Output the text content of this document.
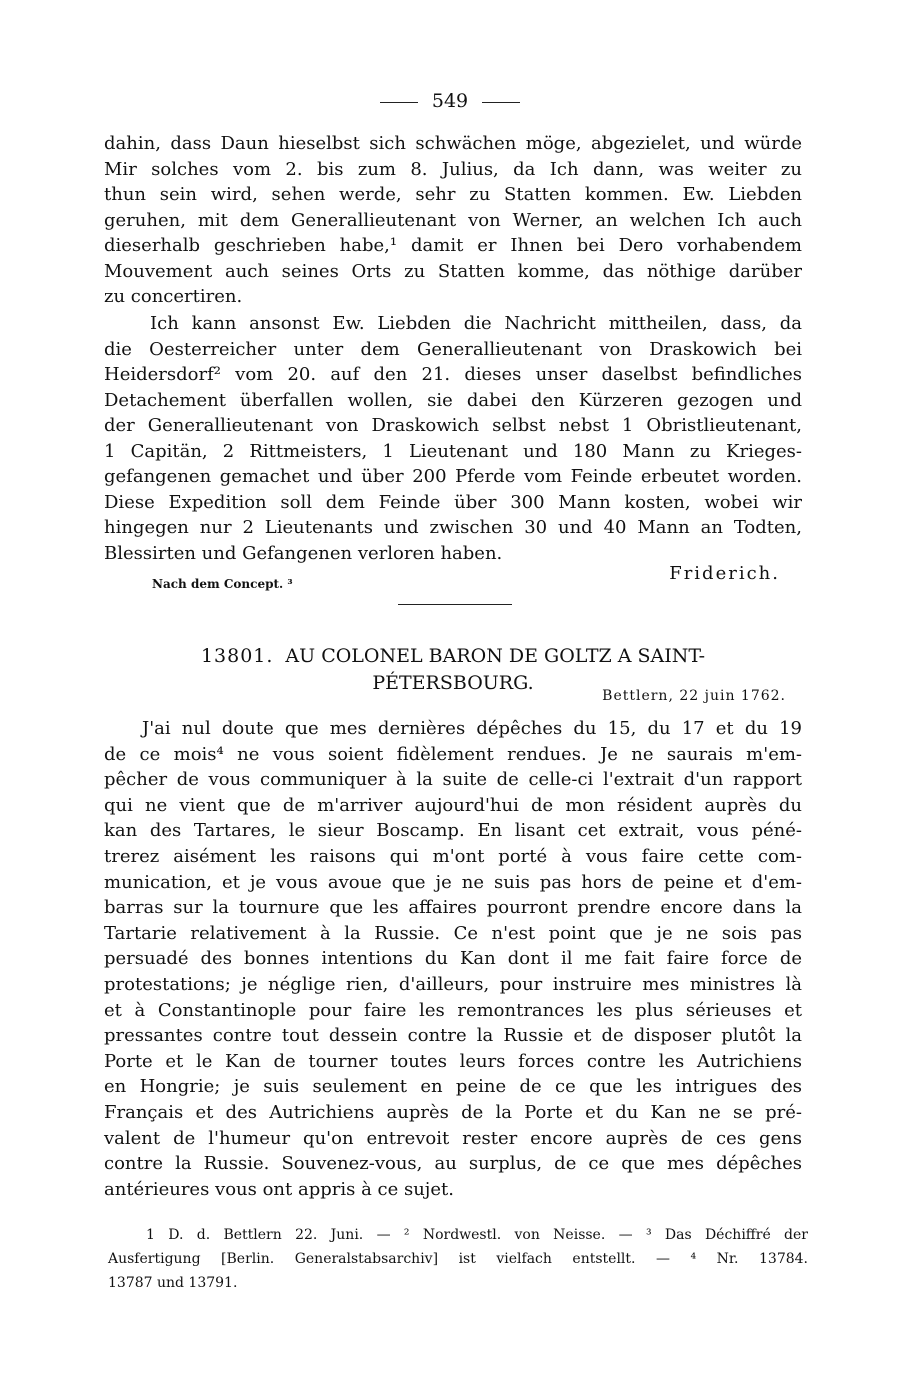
549
dahin, dass Daun hieselbst sich schwächen möge, abgezielet, und würde
Mir solches vom 2. bis zum 8. Julius, da Ich dann, was weiter zu
thun sein wird, sehen werde, sehr zu Statten kommen. Ew. Liebden
geruhen, mit dem Generallieutenant von Werner, an welchen Ich auch
dieserhalb geschrieben habe,¹ damit er Ihnen bei Dero vorhabendem
Mouvement auch seines Orts zu Statten komme, das nöthige darüber
zu concertiren.
Ich kann ansonst Ew. Liebden die Nachricht mittheilen, dass, da
die Oesterreicher unter dem Generallieutenant von Draskowich bei
Heidersdorf² vom 20. auf den 21. dieses unser daselbst befindliches
Detachement überfallen wollen, sie dabei den Kürzeren gezogen und
der Generallieutenant von Draskowich selbst nebst 1 Obristlieutenant,
1 Capitän, 2 Rittmeisters, 1 Lieutenant und 180 Mann zu Krieges-
gefangenen gemachet und über 200 Pferde vom Feinde erbeutet worden.
Diese Expedition soll dem Feinde über 300 Mann kosten, wobei wir
hingegen nur 2 Lieutenants und zwischen 30 und 40 Mann an Todten,
Blessirten und Gefangenen verloren haben.
Nach dem Concept. ³	Friderich.
13801. AU COLONEL BARON DE GOLTZ A SAINT-
PÉTERSBOURG.
Bettlern, 22 juin 1762.
J'ai nul doute que mes dernières dépêches du 15, du 17 et du 19
de ce mois⁴ ne vous soient fidèlement rendues. Je ne saurais m'em-
pêcher de vous communiquer à la suite de celle-ci l'extrait d'un rapport
qui ne vient que de m'arriver aujourd'hui de mon résident auprès du
kan des Tartares, le sieur Boscamp. En lisant cet extrait, vous péné-
trerez aisément les raisons qui m'ont porté à vous faire cette com-
munication, et je vous avoue que je ne suis pas hors de peine et d'em-
barras sur la tournure que les affaires pourront prendre encore dans la
Tartarie relativement à la Russie. Ce n'est point que je ne sois pas
persuadé des bonnes intentions du Kan dont il me fait faire force de
protestations; je néglige rien, d'ailleurs, pour instruire mes ministres là
et à Constantinople pour faire les remontrances les plus sérieuses et
pressantes contre tout dessein contre la Russie et de disposer plutôt la
Porte et le Kan de tourner toutes leurs forces contre les Autrichiens
en Hongrie; je suis seulement en peine de ce que les intrigues des
Français et des Autrichiens auprès de la Porte et du Kan ne se pré-
valent de l'humeur qu'on entrevoit rester encore auprès de ces gens
contre la Russie. Souvenez-vous, au surplus, de ce que mes dépêches
antérieures vous ont appris à ce sujet.
1 D. d. Bettlern 22. Juni. — ² Nordwestl. von Neisse. — ³ Das Déchiffré der
Ausfertigung [Berlin. Generalstabsarchiv] ist vielfach entstellt. — ⁴ Nr. 13784.
13787 und 13791.
